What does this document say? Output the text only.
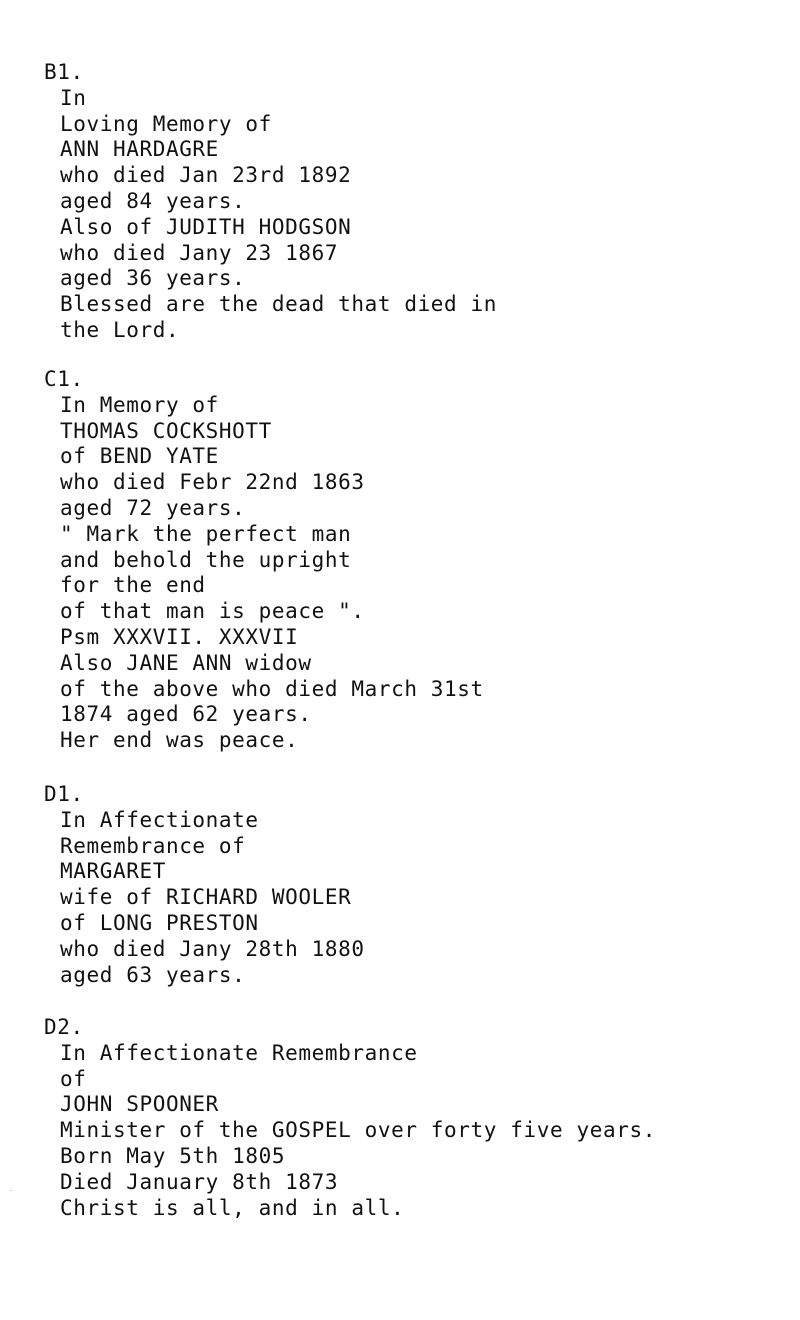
B1.
In
Loving Memory of
ANN HARDAGRE
who died Jan 23rd 1892
aged 84 years.
Also of JUDITH HODGSON
who died Jany 23 1867
aged 36 years.
Blessed are the dead that died in
the Lord.
C1.
In Memory of
THOMAS COCKSHOTT
of BEND YATE
who died Febr 22nd 1863
aged 72 years.
" Mark the perfect man
and behold the upright
for the end
of that man is peace ".
Psm XXXVII. XXXVII
Also JANE ANN widow
of the above who died March 31st
1874 aged 62 years.
Her end was peace.
D1.
In Affectionate
Remembrance of
MARGARET
wife of RICHARD WOOLER
of LONG PRESTON
who died Jany 28th 1880
aged 63 years.
D2.
In Affectionate Remembrance
of
JOHN SPOONER
Minister of the GOSPEL over forty five years.
Born May 5th 1805
Died January 8th 1873
Christ is all, and in all.
